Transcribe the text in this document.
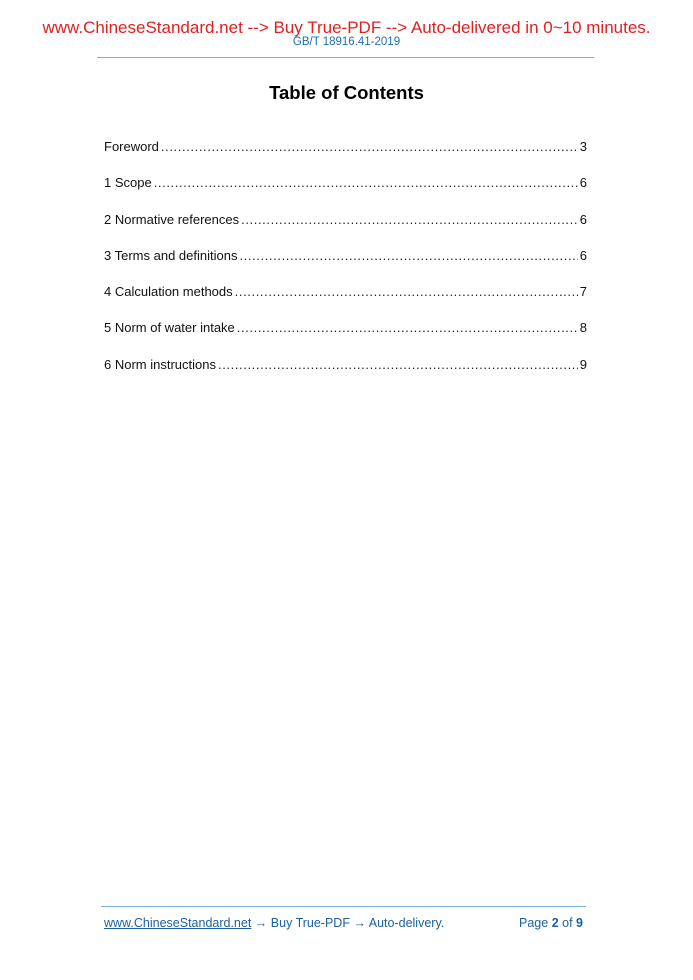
www.ChineseStandard.net --> Buy True-PDF --> Auto-delivered in 0~10 minutes.
GB/T 18916.41-2019
Table of Contents
Foreword .....	3
1 Scope .....	6
2 Normative references .....	6
3 Terms and definitions .....	6
4 Calculation methods .....	7
5 Norm of water intake .....	8
6 Norm instructions .....	9
www.ChineseStandard.net → Buy True-PDF → Auto-delivery.	Page 2 of 9
